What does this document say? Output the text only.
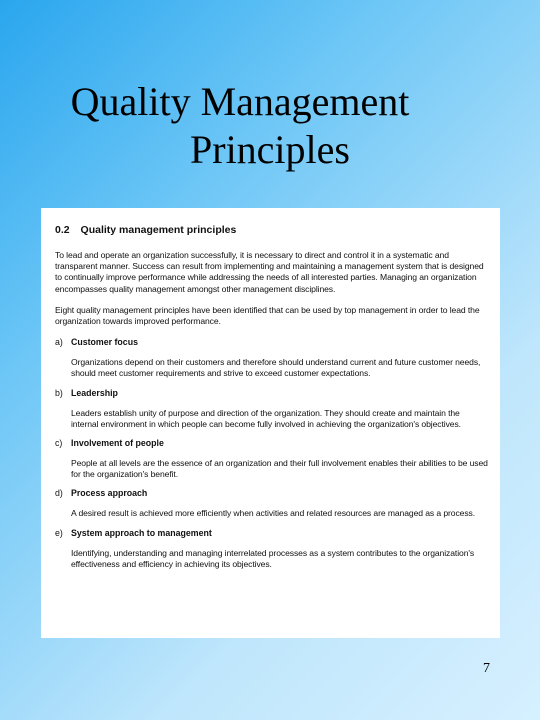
Quality Management
Principles
0.2 Quality management principles

To lead and operate an organization successfully, it is necessary to direct and control it in a systematic and transparent manner. Success can result from implementing and maintaining a management system that is designed to continually improve performance while addressing the needs of all interested parties. Managing an organization encompasses quality management amongst other management disciplines.

Eight quality management principles have been identified that can be used by top management in order to lead the organization towards improved performance.

a) Customer focus

Organizations depend on their customers and therefore should understand current and future customer needs, should meet customer requirements and strive to exceed customer expectations.

b) Leadership

Leaders establish unity of purpose and direction of the organization. They should create and maintain the internal environment in which people can become fully involved in achieving the organization's objectives.

c) Involvement of people

People at all levels are the essence of an organization and their full involvement enables their abilities to be used for the organization's benefit.

d) Process approach

A desired result is achieved more efficiently when activities and related resources are managed as a process.

e) System approach to management

Identifying, understanding and managing interrelated processes as a system contributes to the organization's effectiveness and efficiency in achieving its objectives.

7
